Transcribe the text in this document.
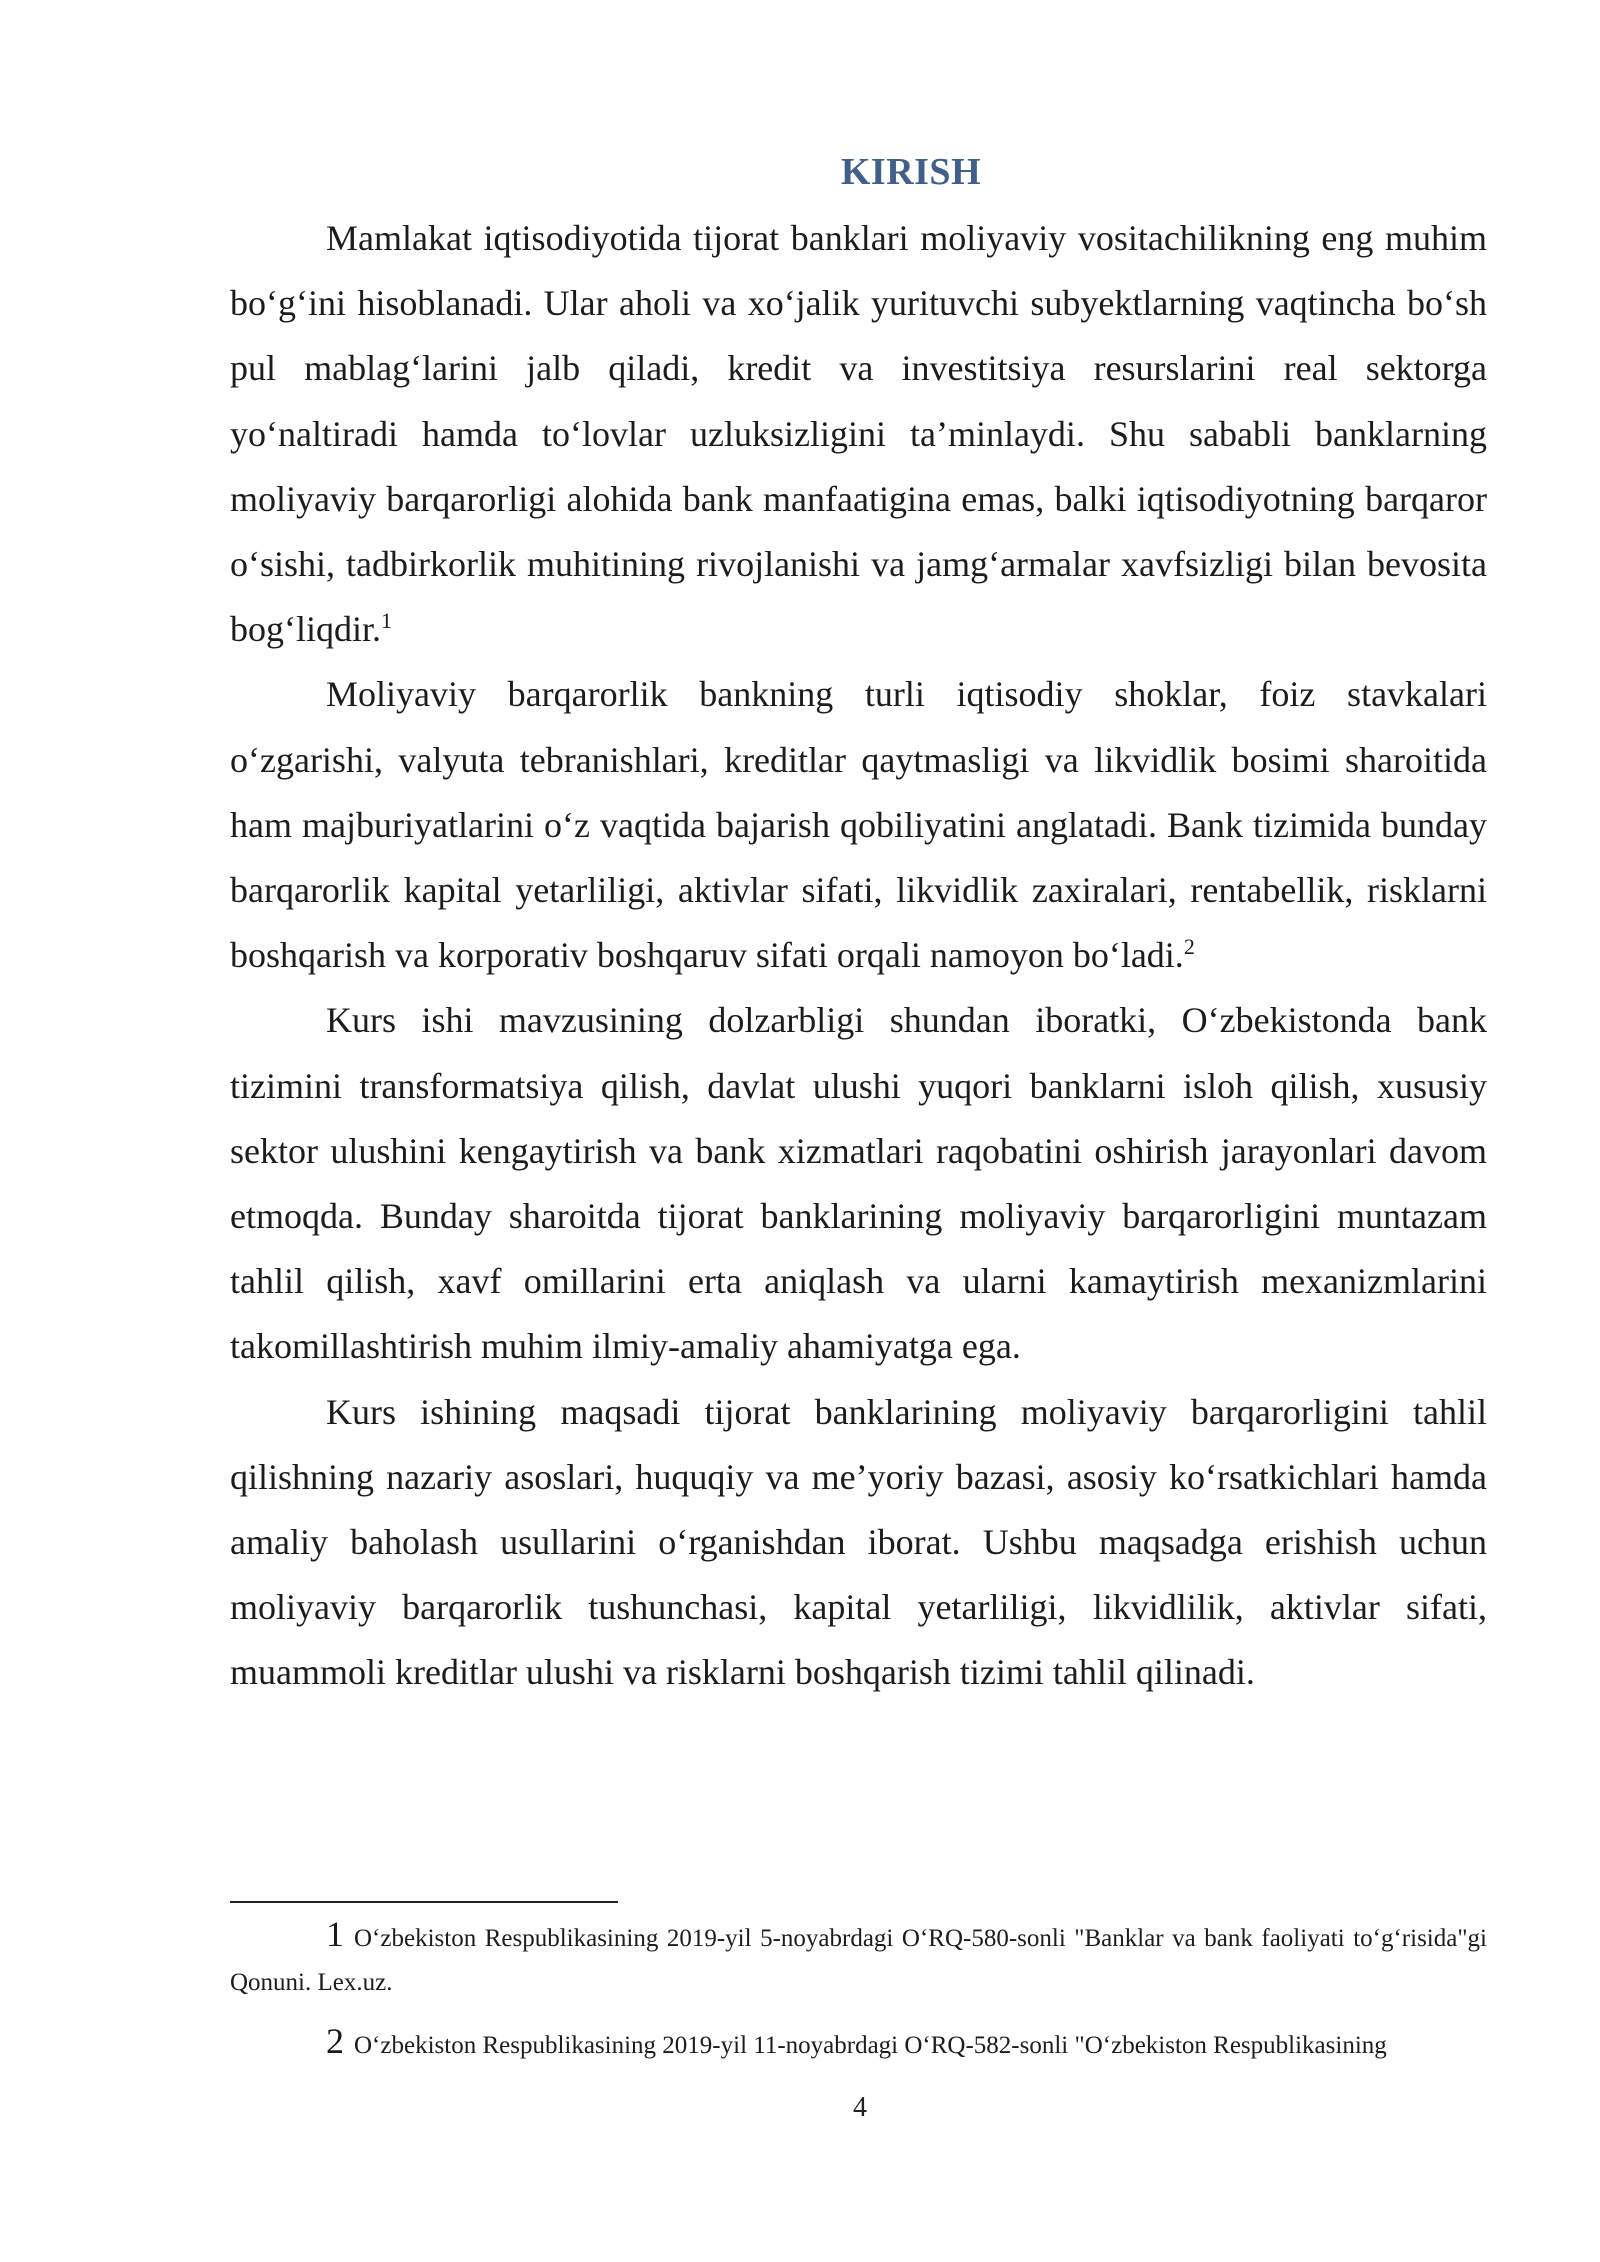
KIRISH

Mamlakat iqtisodiyotida tijorat banklari moliyaviy vositachilikning eng muhim bo‘g‘ini hisoblanadi. Ular aholi va xo‘jalik yurituvchi subyektlarning vaqtincha bo‘sh pul mablag‘larini jalb qiladi, kredit va investitsiya resurslarini real sektorga yo‘naltiradi hamda to‘lovlar uzluksizligini ta’minlaydi. Shu sababli banklarning moliyaviy barqarorligi alohida bank manfaatigina emas, balki iqtisodiyotning barqaror o‘sishi, tadbirkorlik muhitining rivojlanishi va jamg‘armalar xavfsizligi bilan bevosita bog‘liqdir.$^1$

Moliyaviy barqarorlik bankning turli iqtisodiy shoklar, foiz stavkalari o‘zgarishi, valyuta tebranishlari, kreditlar qaytmasligi va likvidlik bosimi sharoitida ham majburiyatlarini o‘z vaqtida bajarish qobiliyatini anglatadi. Bank tizimida bunday barqarorlik kapital yetarliligi, aktivlar sifati, likvidlik zaxiralari, rentabellik, risklarni boshqarish va korporativ boshqaruv sifati orqali namoyon bo‘ladi.$^2$

Kurs ishi mavzusining dolzarbligi shundan iboratki, O‘zbekistonda bank tizimini transformatsiya qilish, davlat ulushi yuqori banklarni isloh qilish, xususiy sektor ulushini kengaytirish va bank xizmatlari raqobatini oshirish jarayonlari davom etmoqda. Bunday sharoitda tijorat banklarining moliyaviy barqarorligini muntazam tahlil qilish, xavf omillarini erta aniqlash va ularni kamaytirish mexanizmlarini takomillashtirish muhim ilmiy-amaliy ahamiyatga ega.

Kurs ishining maqsadi tijorat banklarining moliyaviy barqarorligini tahlil qilishning nazariy asoslari, huquqiy va me’yoriy bazasi, asosiy ko‘rsatkichlari hamda amaliy baholash usullarini o‘rganishdan iborat. Ushbu maqsadga erishish uchun moliyaviy barqarorlik tushunchasi, kapital yetarliligi, likvidlilik, aktivlar sifati, muammoli kreditlar ulushi va risklarni boshqarish tizimi tahlil qilinadi.

1 O‘zbekiston Respublikasining 2019-yil 5-noyabrdagi O‘RQ-580-sonli "Banklar va bank faoliyati to‘g‘risida"gi Qonuni. Lex.uz.

2 O‘zbekiston Respublikasining 2019-yil 11-noyabrdagi O‘RQ-582-sonli "O‘zbekiston Respublikasining

4
